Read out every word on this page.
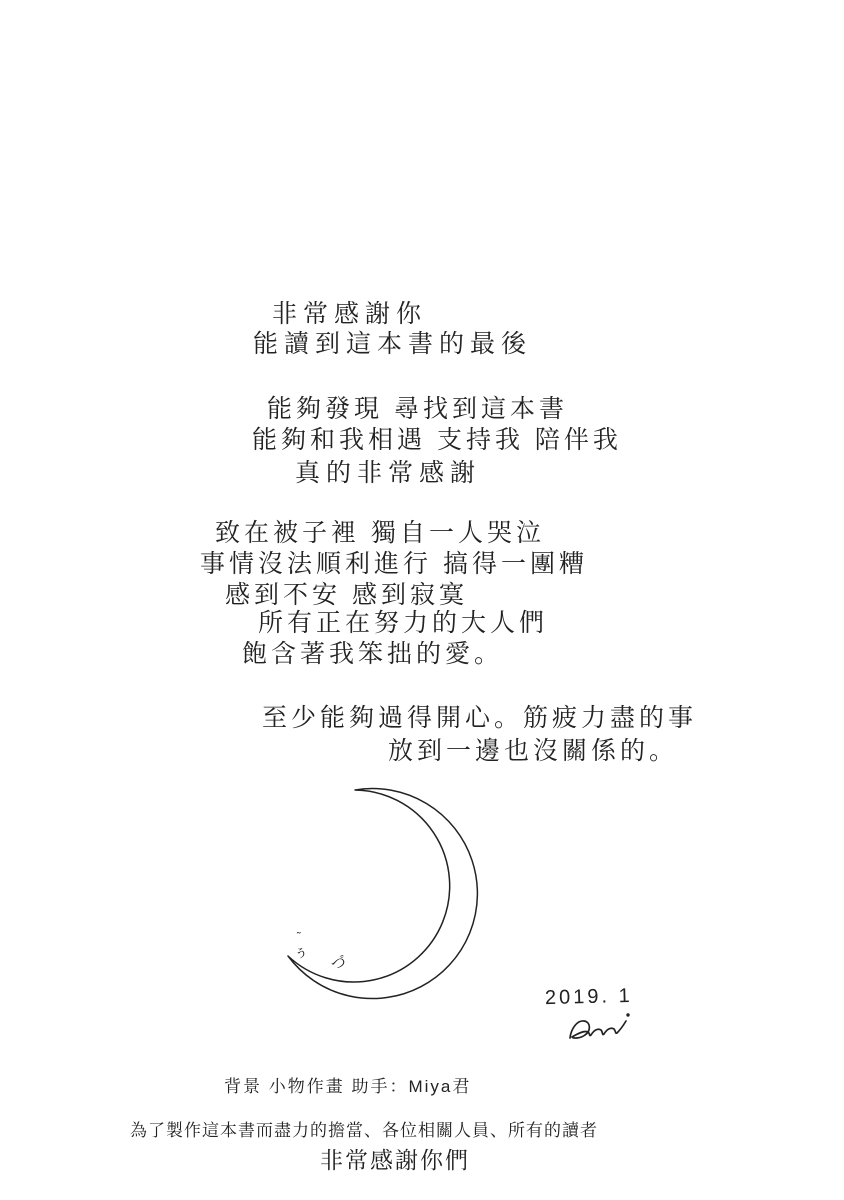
非常感謝你
能讀到這本書的最後
能夠發現 尋找到這本書
能夠和我相遇 支持我 陪伴我
真的非常感謝
致在被子裡 獨自一人哭泣
事情沒法順利進行 搞得一團糟
感到不安 感到寂寞
所有正在努力的大人們
飽含著我笨拙的愛。
至少能夠過得開心。筋疲力盡的事
放到一邊也沒關係的。
ぅ
˜
づ
2019. 1
背景 小物作畫 助手：Miya君
為了製作這本書而盡力的擔當、各位相關人員、所有的讀者
非常感謝你們
